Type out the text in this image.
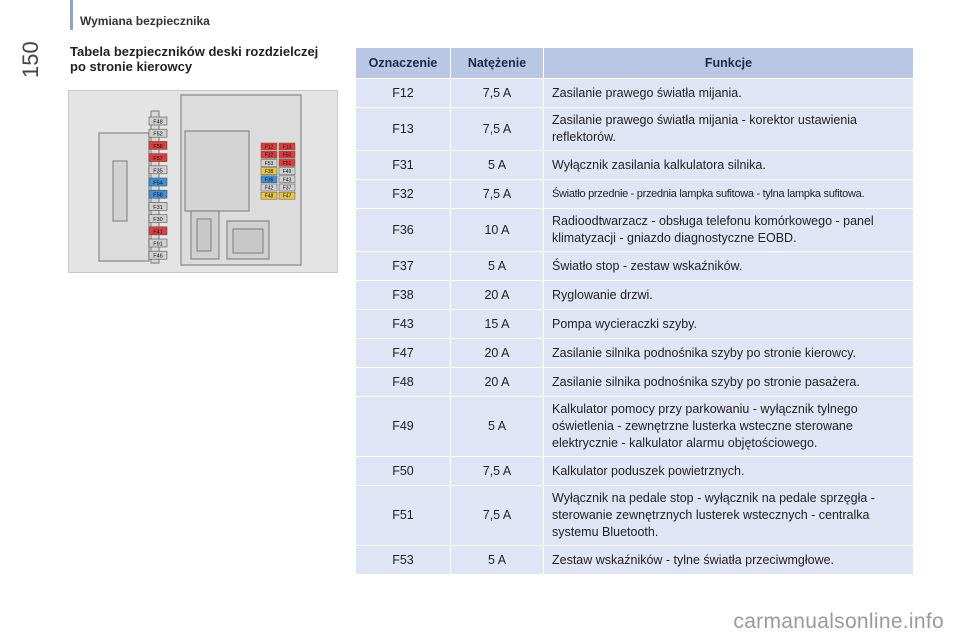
Wymiana bezpiecznika
150 Tabela bezpieczników deski rozdzielczej po stronie kierowcy
F48
F52
F56
F57
F35
F54
F58
F31
F30
F41
F91
F46
F12 F13
F32 F50
F53 F51
F38 F49
F36 F43
F42 F37
F48 F47
Oznaczenie	Natężenie	Funkcje
F12	7,5 A	Zasilanie prawego światła mijania.
F13	7,5 A	Zasilanie prawego światła mijania - korektor ustawienia reflektorów.
F31	5 A	Wyłącznik zasilania kalkulatora silnika.
F32	7,5 A	Światło przednie - przednia lampka sufitowa - tylna lampka sufitowa.
F36	10 A	Radioodtwarzacz - obsługa telefonu komórkowego - panel klimatyzacji - gniazdo diagnostyczne EOBD.
F37	5 A	Światło stop - zestaw wskaźników.
F38	20 A	Ryglowanie drzwi.
F43	15 A	Pompa wycieraczki szyby.
F47	20 A	Zasilanie silnika podnośnika szyby po stronie kierowcy.
F48	20 A	Zasilanie silnika podnośnika szyby po stronie pasażera.
F49	5 A	Kalkulator pomocy przy parkowaniu - wyłącznik tylnego oświetlenia - zewnętrzne lusterka wsteczne sterowane elektrycznie - kalkulator alarmu objętościowego.
F50	7,5 A	Kalkulator poduszek powietrznych.
F51	7,5 A	Wyłącznik na pedale stop - wyłącznik na pedale sprzęgła - sterowanie zewnętrznych lusterek wstecznych - centralka systemu Bluetooth.
F53	5 A	Zestaw wskaźników - tylne światła przeciwmgłowe.
carmanualsonline.info
